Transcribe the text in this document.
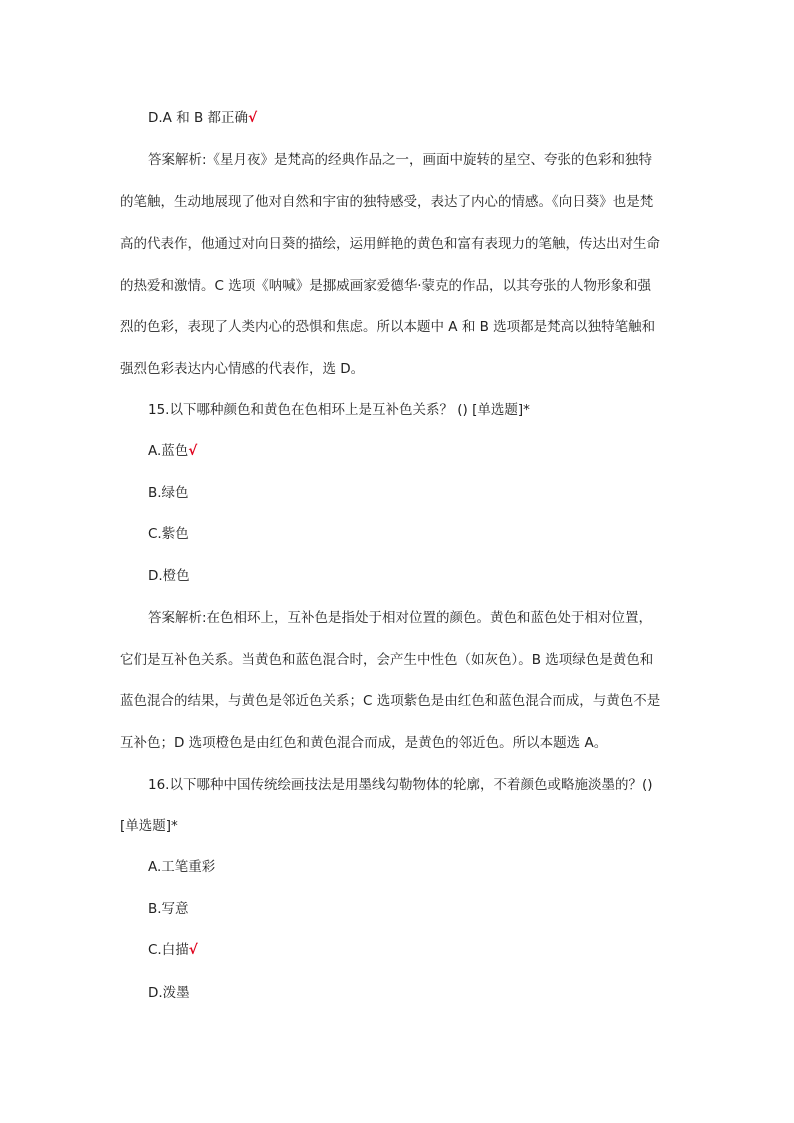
D.A 和 B 都正确√
答案解析:《星月夜》是梵高的经典作品之一，画面中旋转的星空、夸张的色彩和独特
的笔触，生动地展现了他对自然和宇宙的独特感受，表达了内心的情感。《向日葵》也是梵
高的代表作，他通过对向日葵的描绘，运用鲜艳的黄色和富有表现力的笔触，传达出对生命
的热爱和激情。C 选项《呐喊》是挪威画家爱德华·蒙克的作品，以其夸张的人物形象和强
烈的色彩，表现了人类内心的恐惧和焦虑。所以本题中 A 和 B 选项都是梵高以独特笔触和
强烈色彩表达内心情感的代表作，选 D。
15.以下哪种颜色和黄色在色相环上是互补色关系？ () [单选题]*
A.蓝色√
B.绿色
C.紫色
D.橙色
答案解析:在色相环上，互补色是指处于相对位置的颜色。黄色和蓝色处于相对位置，
它们是互补色关系。当黄色和蓝色混合时，会产生中性色（如灰色）。B 选项绿色是黄色和
蓝色混合的结果，与黄色是邻近色关系；C 选项紫色是由红色和蓝色混合而成，与黄色不是
互补色；D 选项橙色是由红色和黄色混合而成，是黄色的邻近色。所以本题选 A。
16.以下哪种中国传统绘画技法是用墨线勾勒物体的轮廓，不着颜色或略施淡墨的？()
[单选题]*
A.工笔重彩
B.写意
C.白描√
D.泼墨
